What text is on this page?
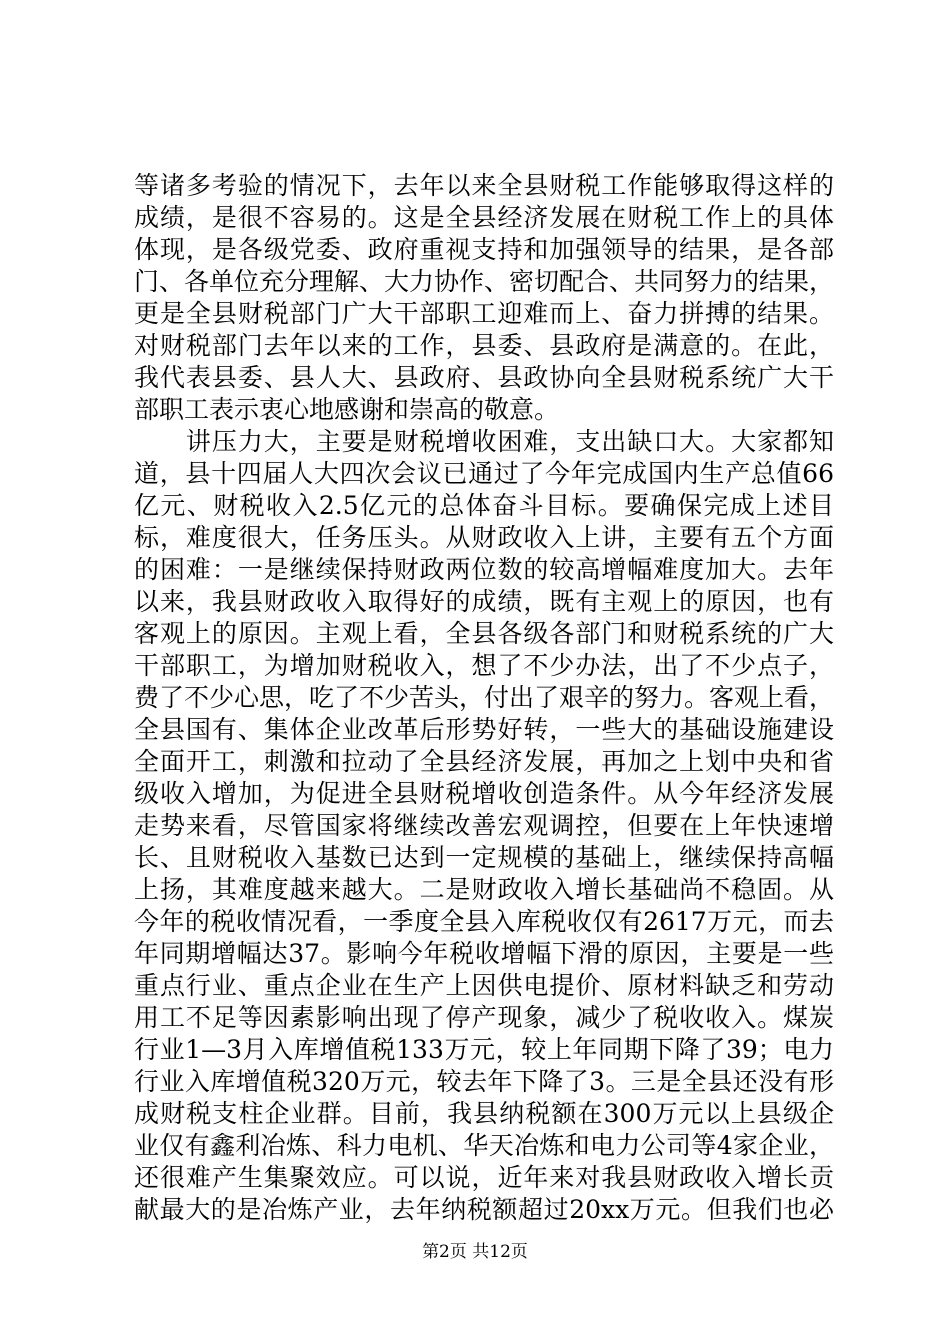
等诸多考验的情况下，去年以来全县财税工作能够取得这样的
成绩，是很不容易的。这是全县经济发展在财税工作上的具体
体现，是各级党委、政府重视支持和加强领导的结果，是各部
门、各单位充分理解、大力协作、密切配合、共同努力的结果，
更是全县财税部门广大干部职工迎难而上、奋力拼搏的结果。
对财税部门去年以来的工作，县委、县政府是满意的。在此，
我代表县委、县人大、县政府、县政协向全县财税系统广大干
部职工表示衷心地感谢和崇高的敬意。
　　讲压力大，主要是财税增收困难，支出缺口大。大家都知
道，县十四届人大四次会议已通过了今年完成国内生产总值66
亿元、财税收入2.5亿元的总体奋斗目标。要确保完成上述目
标，难度很大，任务压头。从财政收入上讲，主要有五个方面
的困难：一是继续保持财政两位数的较高增幅难度加大。去年
以来，我县财政收入取得好的成绩，既有主观上的原因，也有
客观上的原因。主观上看，全县各级各部门和财税系统的广大
干部职工，为增加财税收入，想了不少办法，出了不少点子，
费了不少心思，吃了不少苦头，付出了艰辛的努力。客观上看，
全县国有、集体企业改革后形势好转，一些大的基础设施建设
全面开工，刺激和拉动了全县经济发展，再加之上划中央和省
级收入增加，为促进全县财税增收创造条件。从今年经济发展
走势来看，尽管国家将继续改善宏观调控，但要在上年快速增
长、且财税收入基数已达到一定规模的基础上，继续保持高幅
上扬，其难度越来越大。二是财政收入增长基础尚不稳固。从
今年的税收情况看，一季度全县入库税收仅有2617万元，而去
年同期增幅达37。影响今年税收增幅下滑的原因，主要是一些
重点行业、重点企业在生产上因供电提价、原材料缺乏和劳动
用工不足等因素影响出现了停产现象，减少了税收收入。煤炭
行业1—3月入库增值税133万元，较上年同期下降了39；电力
行业入库增值税320万元，较去年下降了3。三是全县还没有形
成财税支柱企业群。目前，我县纳税额在300万元以上县级企
业仅有鑫利冶炼、科力电机、华天冶炼和电力公司等4家企业，
还很难产生集聚效应。可以说，近年来对我县财政收入增长贡
献最大的是冶炼产业，去年纳税额超过20xx万元。但我们也必
第2页 共12页
